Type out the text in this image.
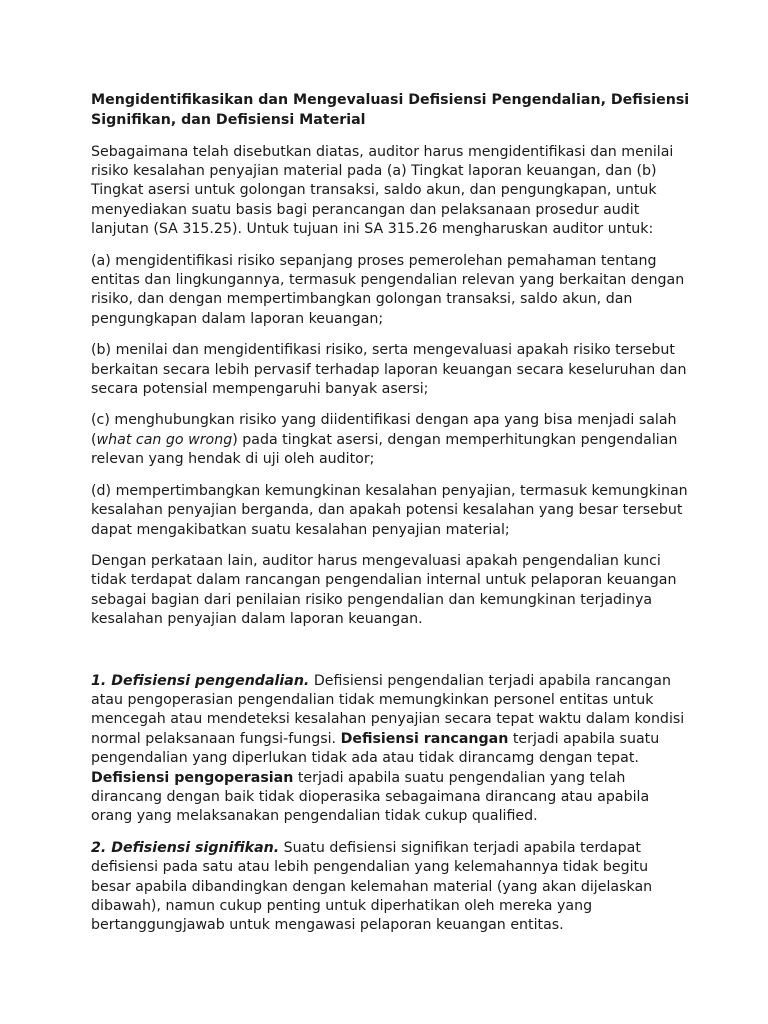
Mengidentifikasikan dan Mengevaluasi Defisiensi Pengendalian, Defisiensi Signifikan, dan Defisiensi Material

Sebagaimana telah disebutkan diatas, auditor harus mengidentifikasi dan menilai risiko kesalahan penyajian material pada (a) Tingkat laporan keuangan, dan (b) Tingkat asersi untuk golongan transaksi, saldo akun, dan pengungkapan, untuk menyediakan suatu basis bagi perancangan dan pelaksanaan prosedur audit lanjutan (SA 315.25). Untuk tujuan ini SA 315.26 mengharuskan auditor untuk:

(a) mengidentifikasi risiko sepanjang proses pemerolehan pemahaman tentang entitas dan lingkungannya, termasuk pengendalian relevan yang berkaitan dengan risiko, dan dengan mempertimbangkan golongan transaksi, saldo akun, dan pengungkapan dalam laporan keuangan;

(b) menilai dan mengidentifikasi risiko, serta mengevaluasi apakah risiko tersebut berkaitan secara lebih pervasif terhadap laporan keuangan secara keseluruhan dan secara potensial mempengaruhi banyak asersi;

(c) menghubungkan risiko yang diidentifikasi dengan apa yang bisa menjadi salah (what can go wrong) pada tingkat asersi, dengan memperhitungkan pengendalian relevan yang hendak di uji oleh auditor;

(d) mempertimbangkan kemungkinan kesalahan penyajian, termasuk kemungkinan kesalahan penyajian berganda, dan apakah potensi kesalahan yang besar tersebut dapat mengakibatkan suatu kesalahan penyajian material;

Dengan perkataan lain, auditor harus mengevaluasi apakah pengendalian kunci tidak terdapat dalam rancangan pengendalian internal untuk pelaporan keuangan sebagai bagian dari penilaian risiko pengendalian dan kemungkinan terjadinya kesalahan penyajian dalam laporan keuangan.

1. Defisiensi pengendalian. Defisiensi pengendalian terjadi apabila rancangan atau pengoperasian pengendalian tidak memungkinkan personel entitas untuk mencegah atau mendeteksi kesalahan penyajian secara tepat waktu dalam kondisi normal pelaksanaan fungsi-fungsi. Defisiensi rancangan terjadi apabila suatu pengendalian yang diperlukan tidak ada atau tidak dirancamg dengan tepat. Defisiensi pengoperasian terjadi apabila suatu pengendalian yang telah dirancang dengan baik tidak dioperasika sebagaimana dirancang atau apabila orang yang melaksanakan pengendalian tidak cukup qualified.

2. Defisiensi signifikan. Suatu defisiensi signifikan terjadi apabila terdapat defisiensi pada satu atau lebih pengendalian yang kelemahannya tidak begitu besar apabila dibandingkan dengan kelemahan material (yang akan dijelaskan dibawah), namun cukup penting untuk diperhatikan oleh mereka yang bertanggungjawab untuk mengawasi pelaporan keuangan entitas.
